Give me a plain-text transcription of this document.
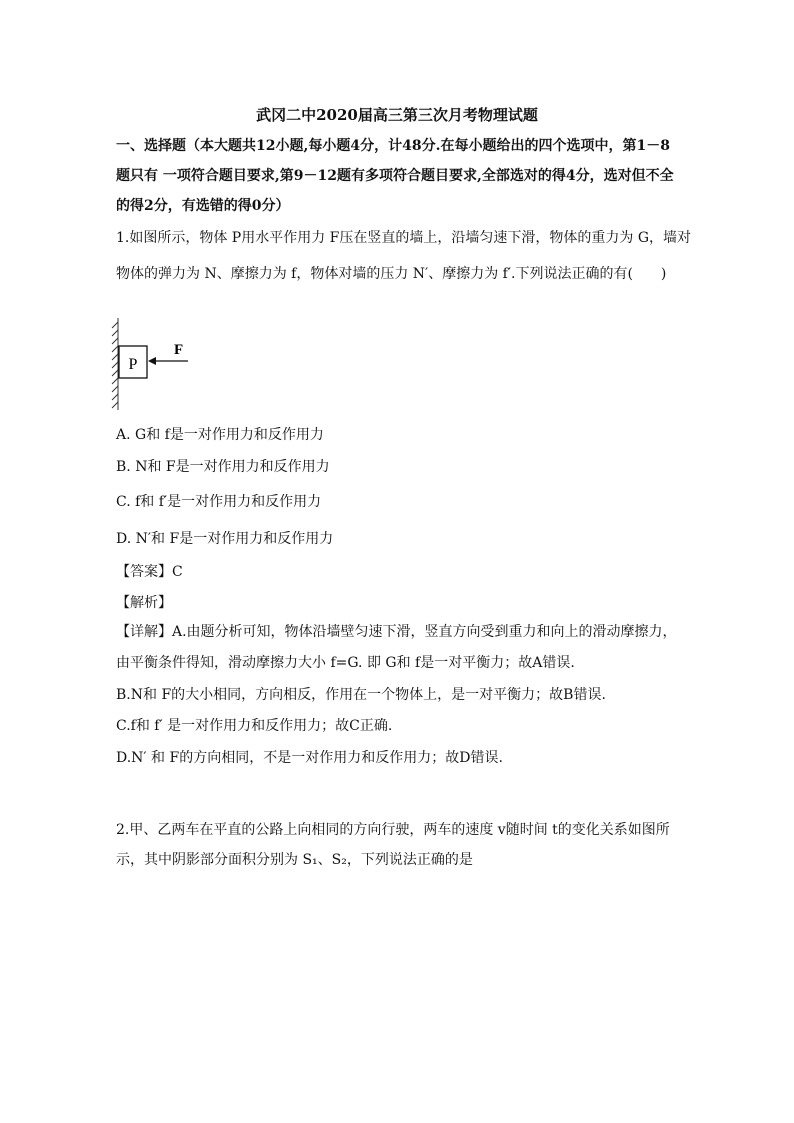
武冈二中2020届高三第三次月考物理试题
一、选择题（本大题共12小题,每小题4分，计48分.在每小题给出的四个选项中，第1－8
题只有 一项符合题目要求,第9－12题有多项符合题目要求,全部选对的得4分，选对但不全
的得2分，有选错的得0分）
1.如图所示，物体 P用水平作用力 F压在竖直的墙上，沿墙匀速下滑，物体的重力为 G，墙对
物体的弹力为 N、摩擦力为 f，物体对墙的压力 N′、摩擦力为 f′.下列说法正确的有(　　)
P
F
A. G和 f是一对作用力和反作用力
B. N和 F是一对作用力和反作用力
C. f和 f′是一对作用力和反作用力
D. N′和 F是一对作用力和反作用力
【答案】C
【解析】
【详解】A.由题分析可知，物体沿墙壁匀速下滑，竖直方向受到重力和向上的滑动摩擦力，
由平衡条件得知，滑动摩擦力大小 f=G. 即 G和 f是一对平衡力；故A错误.
B.N和 F的大小相同，方向相反，作用在一个物体上，是一对平衡力；故B错误.
C.f和 f′ 是一对作用力和反作用力；故C正确.
D.N′ 和 F的方向相同，不是一对作用力和反作用力；故D错误.
2.甲、乙两车在平直的公路上向相同的方向行驶，两车的速度 v随时间 t的变化关系如图所
示，其中阴影部分面积分别为 S₁、S₂，下列说法正确的是
